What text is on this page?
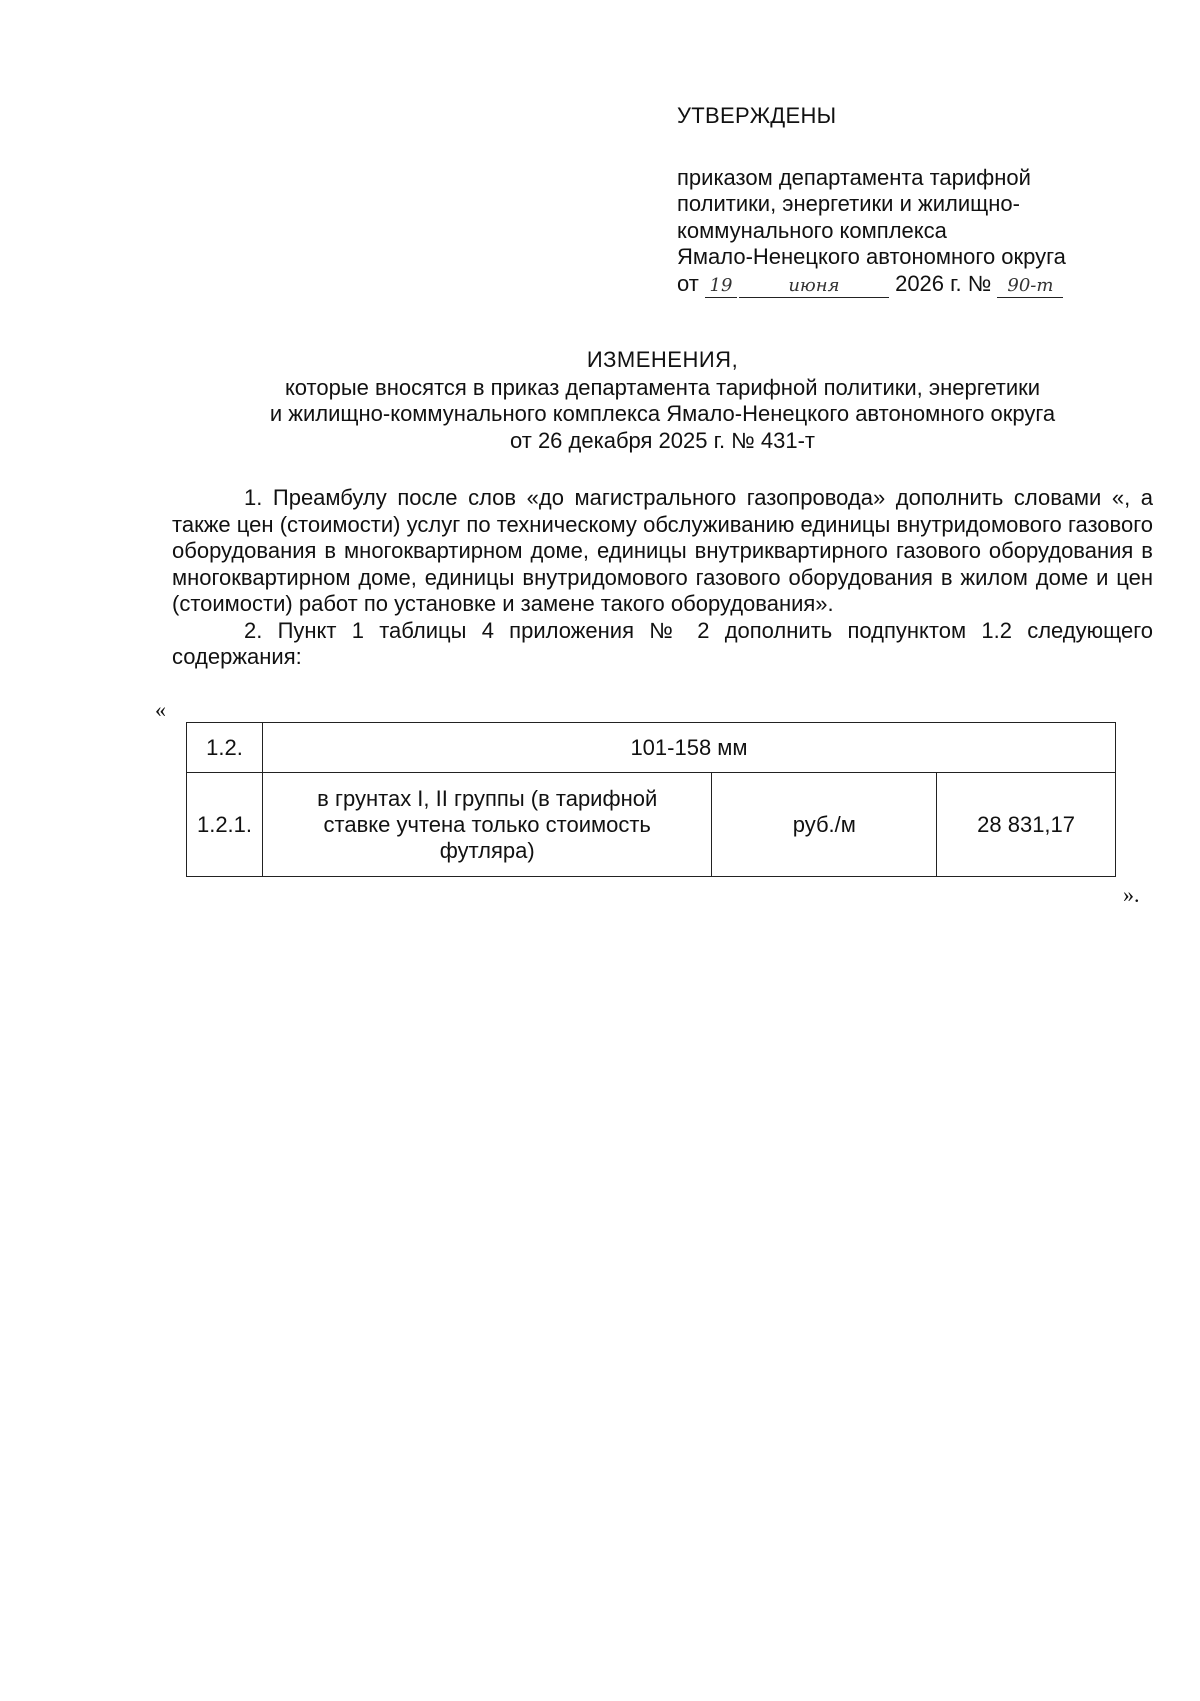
УТВЕРЖДЕНЫ
приказом департамента тарифной
политики, энергетики и жилищно-
коммунального комплекса
Ямало-Ненецкого автономного округа
от 19	июня	2026 г. № 90-т
ИЗМЕНЕНИЯ,
которые вносятся в приказ департамента тарифной политики, энергетики
и жилищно-коммунального комплекса Ямало-Ненецкого автономного округа
от 26 декабря 2025 г. № 431-т

1. Преамбулу после слов «до магистрального газопровода» дополнить словами «, а также цен (стоимости) услуг по техническому обслуживанию единицы внутридомового газового оборудования в многоквартирном доме, единицы внутриквартирного газового оборудования в многоквартирном доме, единицы внутридомового газового оборудования в жилом доме и цен (стоимости) работ по установке и замене такого оборудования».

2. Пункт 1 таблицы 4 приложения № 2 дополнить подпунктом 1.2 следующего содержания:

«
1.2.	101-158 мм		
1.2.1.	в грунтах I, II группы (в тарифной ставке учтена только стоимость футляра)	руб./м	28 831,17
».
